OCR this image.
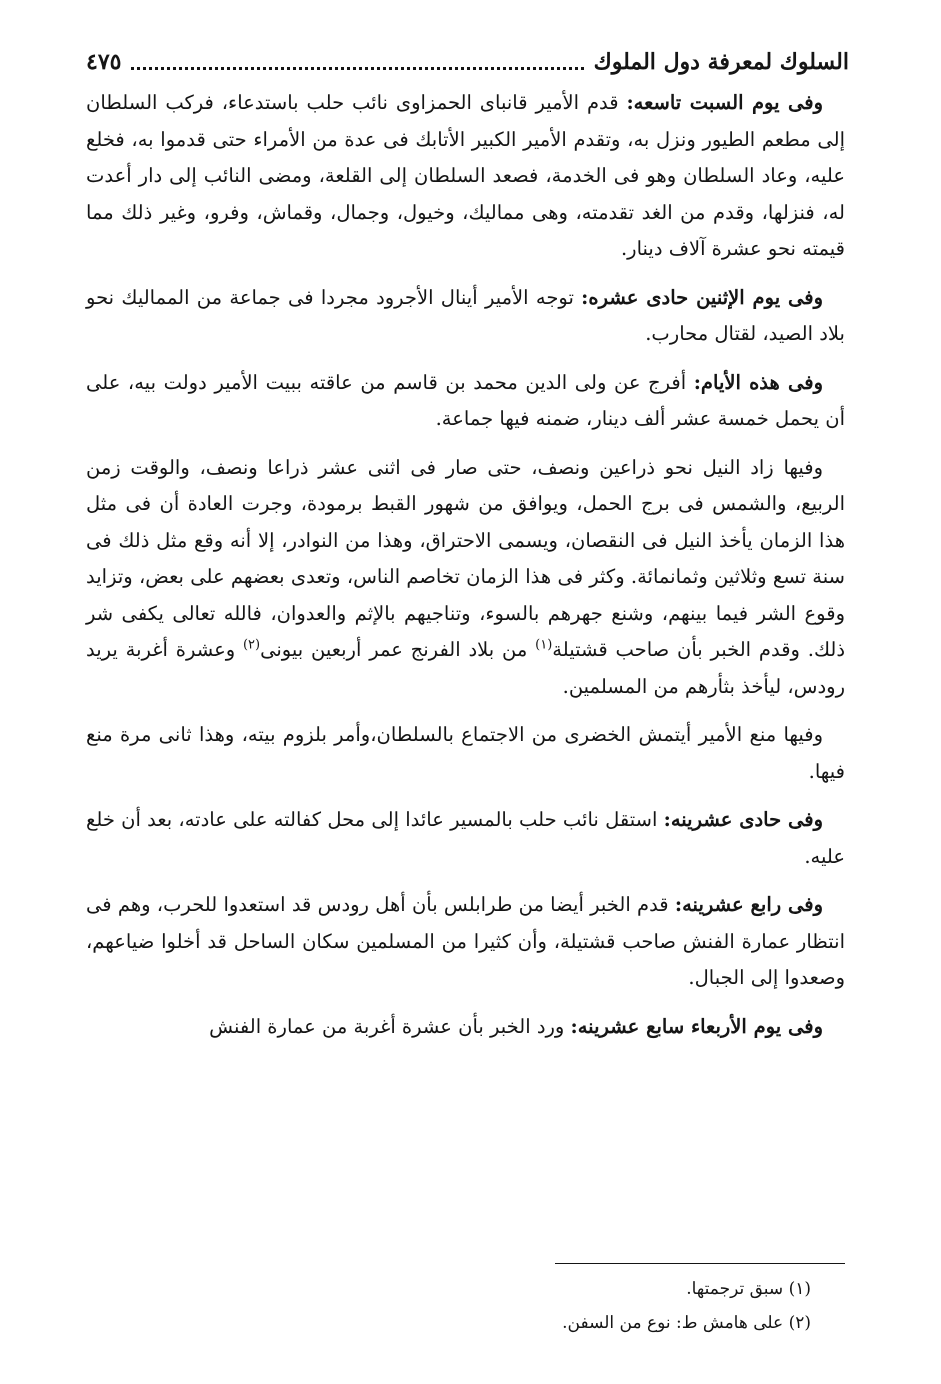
السلوك لمعرفة دول الملوك
٤٧٥

وفى يوم السبت تاسعه: قدم الأمير قانباى الحمزاوى نائب حلب باستدعاء، فركب السلطان إلى مطعم الطيور ونزل به، وتقدم الأمير الكبير الأتابك فى عدة من الأمراء حتى قدموا به، فخلع عليه، وعاد السلطان وهو فى الخدمة، فصعد السلطان إلى القلعة، ومضى النائب إلى دار أعدت له، فنزلها، وقدم من الغد تقدمته، وهى مماليك، وخيول، وجمال، وقماش، وفرو، وغير ذلك مما قيمته نحو عشرة آلاف دينار.

وفى يوم الإثنين حادى عشره: توجه الأمير أينال الأجرود مجردا فى جماعة من المماليك نحو بلاد الصيد، لقتال محارب.

وفى هذه الأيام: أفرج عن ولى الدين محمد بن قاسم من عاقته ببيت الأمير دولت بيه، على أن يحمل خمسة عشر ألف دينار، ضمنه فيها جماعة.

وفيها زاد النيل نحو ذراعين ونصف، حتى صار فى اثنى عشر ذراعا ونصف، والوقت زمن الربيع، والشمس فى برج الحمل، ويوافق من شهور القبط برمودة، وجرت العادة أن فى مثل هذا الزمان يأخذ النيل فى النقصان، ويسمى الاحتراق، وهذا من النوادر، إلا أنه وقع مثل ذلك فى سنة تسع وثلاثين وثمانمائة. وكثر فى هذا الزمان تخاصم الناس، وتعدى بعضهم على بعض، وتزايد وقوع الشر فيما بينهم، وشنع جهرهم بالسوء، وتناجيهم بالإثم والعدوان، فالله تعالى يكفى شر ذلك. وقدم الخبر بأن صاحب قشتيلة$^{(١)}$ من بلاد الفرنج عمر أربعين بيونى$^{(٢)}$ وعشرة أغربة يريد رودس، ليأخذ بثأرهم من المسلمين.

وفيها منع الأمير أيتمش الخضرى من الاجتماع بالسلطان،وأمر بلزوم بيته، وهذا ثانى مرة منع فيها.

وفى حادى عشرينه: استقل نائب حلب بالمسير عائدا إلى محل كفالته على عادته، بعد أن خلع عليه.

وفى رابع عشرينه: قدم الخبر أيضا من طرابلس بأن أهل رودس قد استعدوا للحرب، وهم فى انتظار عمارة الفنش صاحب قشتيلة، وأن كثيرا من المسلمين سكان الساحل قد أخلوا ضياعهم، وصعدوا إلى الجبال.

وفى يوم الأربعاء سابع عشرينه: ورد الخبر بأن عشرة أغربة من عمارة الفنش

(١) سبق ترجمتها.

(٢) على هامش ط: نوع من السفن.
